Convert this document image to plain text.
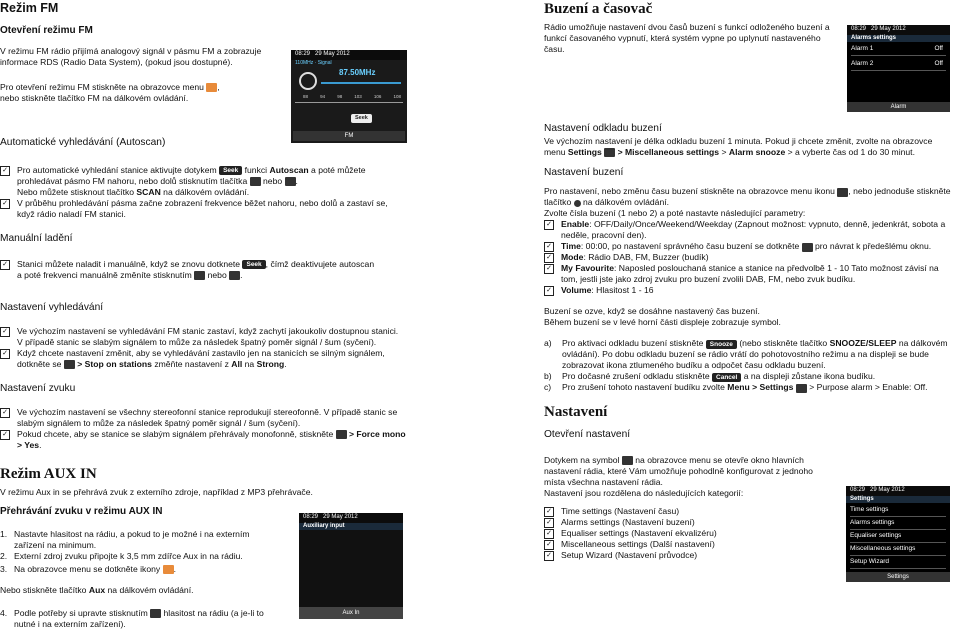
Režim FM

Otevření režimu FM

V režimu FM rádio přijímá analogový signál v pásmu FM a zobrazuje informace RDS (Radio Data System), (pokud jsou dostupné).

Pro otevření režimu FM stiskněte na obrazovce menu ,
nebo stiskněte tlačítko FM na dálkovém ovládání.

Automatické vyhledávání (Autoscan)

✓ Pro automatické vyhledání stanice aktivujte dotykem Seek funkci Autoscan a poté můžete prohledávat pásmo FM nahoru, nebo dolů stisknutím tlačítka nebo .
Nebo můžete stisknout tlačítko SCAN na dálkovém ovládání.

✓ V průběhu prohledávání pásma začne zobrazení frekvence běžet nahoru, nebo dolů a zastaví se, když rádio naladí FM stanici.

Manuální ladění

✓ Stanici můžete naladit i manuálně, když se znovu dotknete Seek , čímž deaktivujete autoscan a poté frekvenci manuálně změníte stisknutím nebo .

Nastavení vyhledávání

✓ Ve výchozím nastavení se vyhledávání FM stanic zastaví, když zachytí jakoukoliv dostupnou stanici. V případě stanic se slabým signálem to může za následek špatný poměr signál / šum (syčení).

✓ Když chcete nastavení změnit, aby se vyhledávání zastavilo jen na stanicích se silným signálem, dotkněte se > Stop on stations změňte nastavení z All na Strong.

Nastavení zvuku

✓ Ve výchozím nastavení se všechny stereofonní stanice reprodukují stereofonně. V případě stanic se slabým signálem to může za následek špatný poměr signál / šum (syčení).

✓ Pokud chcete, aby se stanice se slabým signálem přehrávaly monofonně, stiskněte > Force mono > Yes.

Režim AUX IN

V režimu Aux in se přehrává zvuk z externího zdroje, například z MP3 přehrávače.

Přehrávání zvuku v režimu AUX IN

1. Nastavte hlasitost na rádiu, a pokud to je možné i na externím zařízení na minimum.

2. Externí zdroj zvuku připojte k 3,5 mm zdířce Aux in na rádiu.

3. Na obrazovce menu se dotkněte ikony .

Nebo stiskněte tlačítko Aux na dálkovém ovládání.

4. Podle potřeby si upravte stisknutím hlasitost na rádiu (a je-li to nutné i na externím zařízení).

08:29 29 May 2012
110MHz · Signal
87.50MHz
88	94	98	103	106	108
Seek
FM
08:29 29 May 2012
Alarms settings
Alarm 1	Off
Alarm 2	Off
Alarm
08:29 29 May 2012
Auxiliary input
Aux In
08:29 29 May 2012
Settings
Settings
Time settings
Alarms settings
Equaliser settings
Miscellaneous settings
Setup Wizard

Buzení a časovač

Rádio umožňuje nastavení dvou časů buzení s funkcí odloženého buzení a funkcí časovaného vypnutí, která systém vypne po uplynutí nastaveného času.

Nastavení odkladu buzení

Ve výchozím nastavení je délka odkladu buzení 1 minuta. Pokud ji chcete změnit, zvolte na obrazovce menu Settings > Miscellaneous settings > Alarm snooze > a vyberte čas od 1 do 30 minut.

Nastavení buzení

Pro nastavení, nebo změnu času buzení stiskněte na obrazovce menu ikonu , nebo jednoduše stiskněte tlačítko na dálkovém ovládání.
Zvolte čísla buzení (1 nebo 2) a poté nastavte následující parametry:

✓ Enable: OFF/Daily/Once/Weekend/Weekday (Zapnout možnost: vypnuto, denně, jedenkrát, sobota a neděle, pracovní den).

✓ Time: 00:00, po nastavení správného času buzení se dotkněte pro návrat k předešlému oknu.

✓ Mode: Rádio DAB, FM, Buzzer (budík)

✓ My Favourite: Naposled poslouchaná stanice a stanice na předvolbě 1 - 10 Tato možnost závisí na tom, jestli jste jako zdroj zvuku pro buzení zvolili DAB, FM, nebo zvuk budíku.

✓ Volume: Hlasitost 1 - 16

Buzení se ozve, když se dosáhne nastavený čas buzení.
Během buzení se v levé horní části displeje zobrazuje symbol.

a) Pro aktivaci odkladu buzení stiskněte Snooze (nebo stiskněte tlačítko SNOOZE/SLEEP na dálkovém ovládání). Po dobu odkladu buzení se rádio vrátí do pohotovostního režimu a na displeji se bude zobrazovat ikona ztlumeného budíku a odpočet času odkladu buzení.

b) Pro dočasné zrušení odkladu stiskněte Cancel a na displeji zůstane ikona budíku.

c) Pro zrušení tohoto nastavení budíku zvolte Menu > Settings > Purpose alarm > Enable: Off.

Nastavení

Otevření nastavení

Dotykem na symbol na obrazovce menu se otevře okno hlavních nastavení rádia, které Vám umožňuje pohodlně konfigurovat z jednoho místa všechna nastavení rádia.
Nastavení jsou rozdělena do následujících kategorií:

✓ Time settings (Nastavení času)

✓ Alarms settings (Nastavení buzení)

✓ Equaliser settings (Nastavení ekvalizéru)

✓ Miscellaneous settings (Další nastavení)

✓ Setup Wizard (Nastavení průvodce)
